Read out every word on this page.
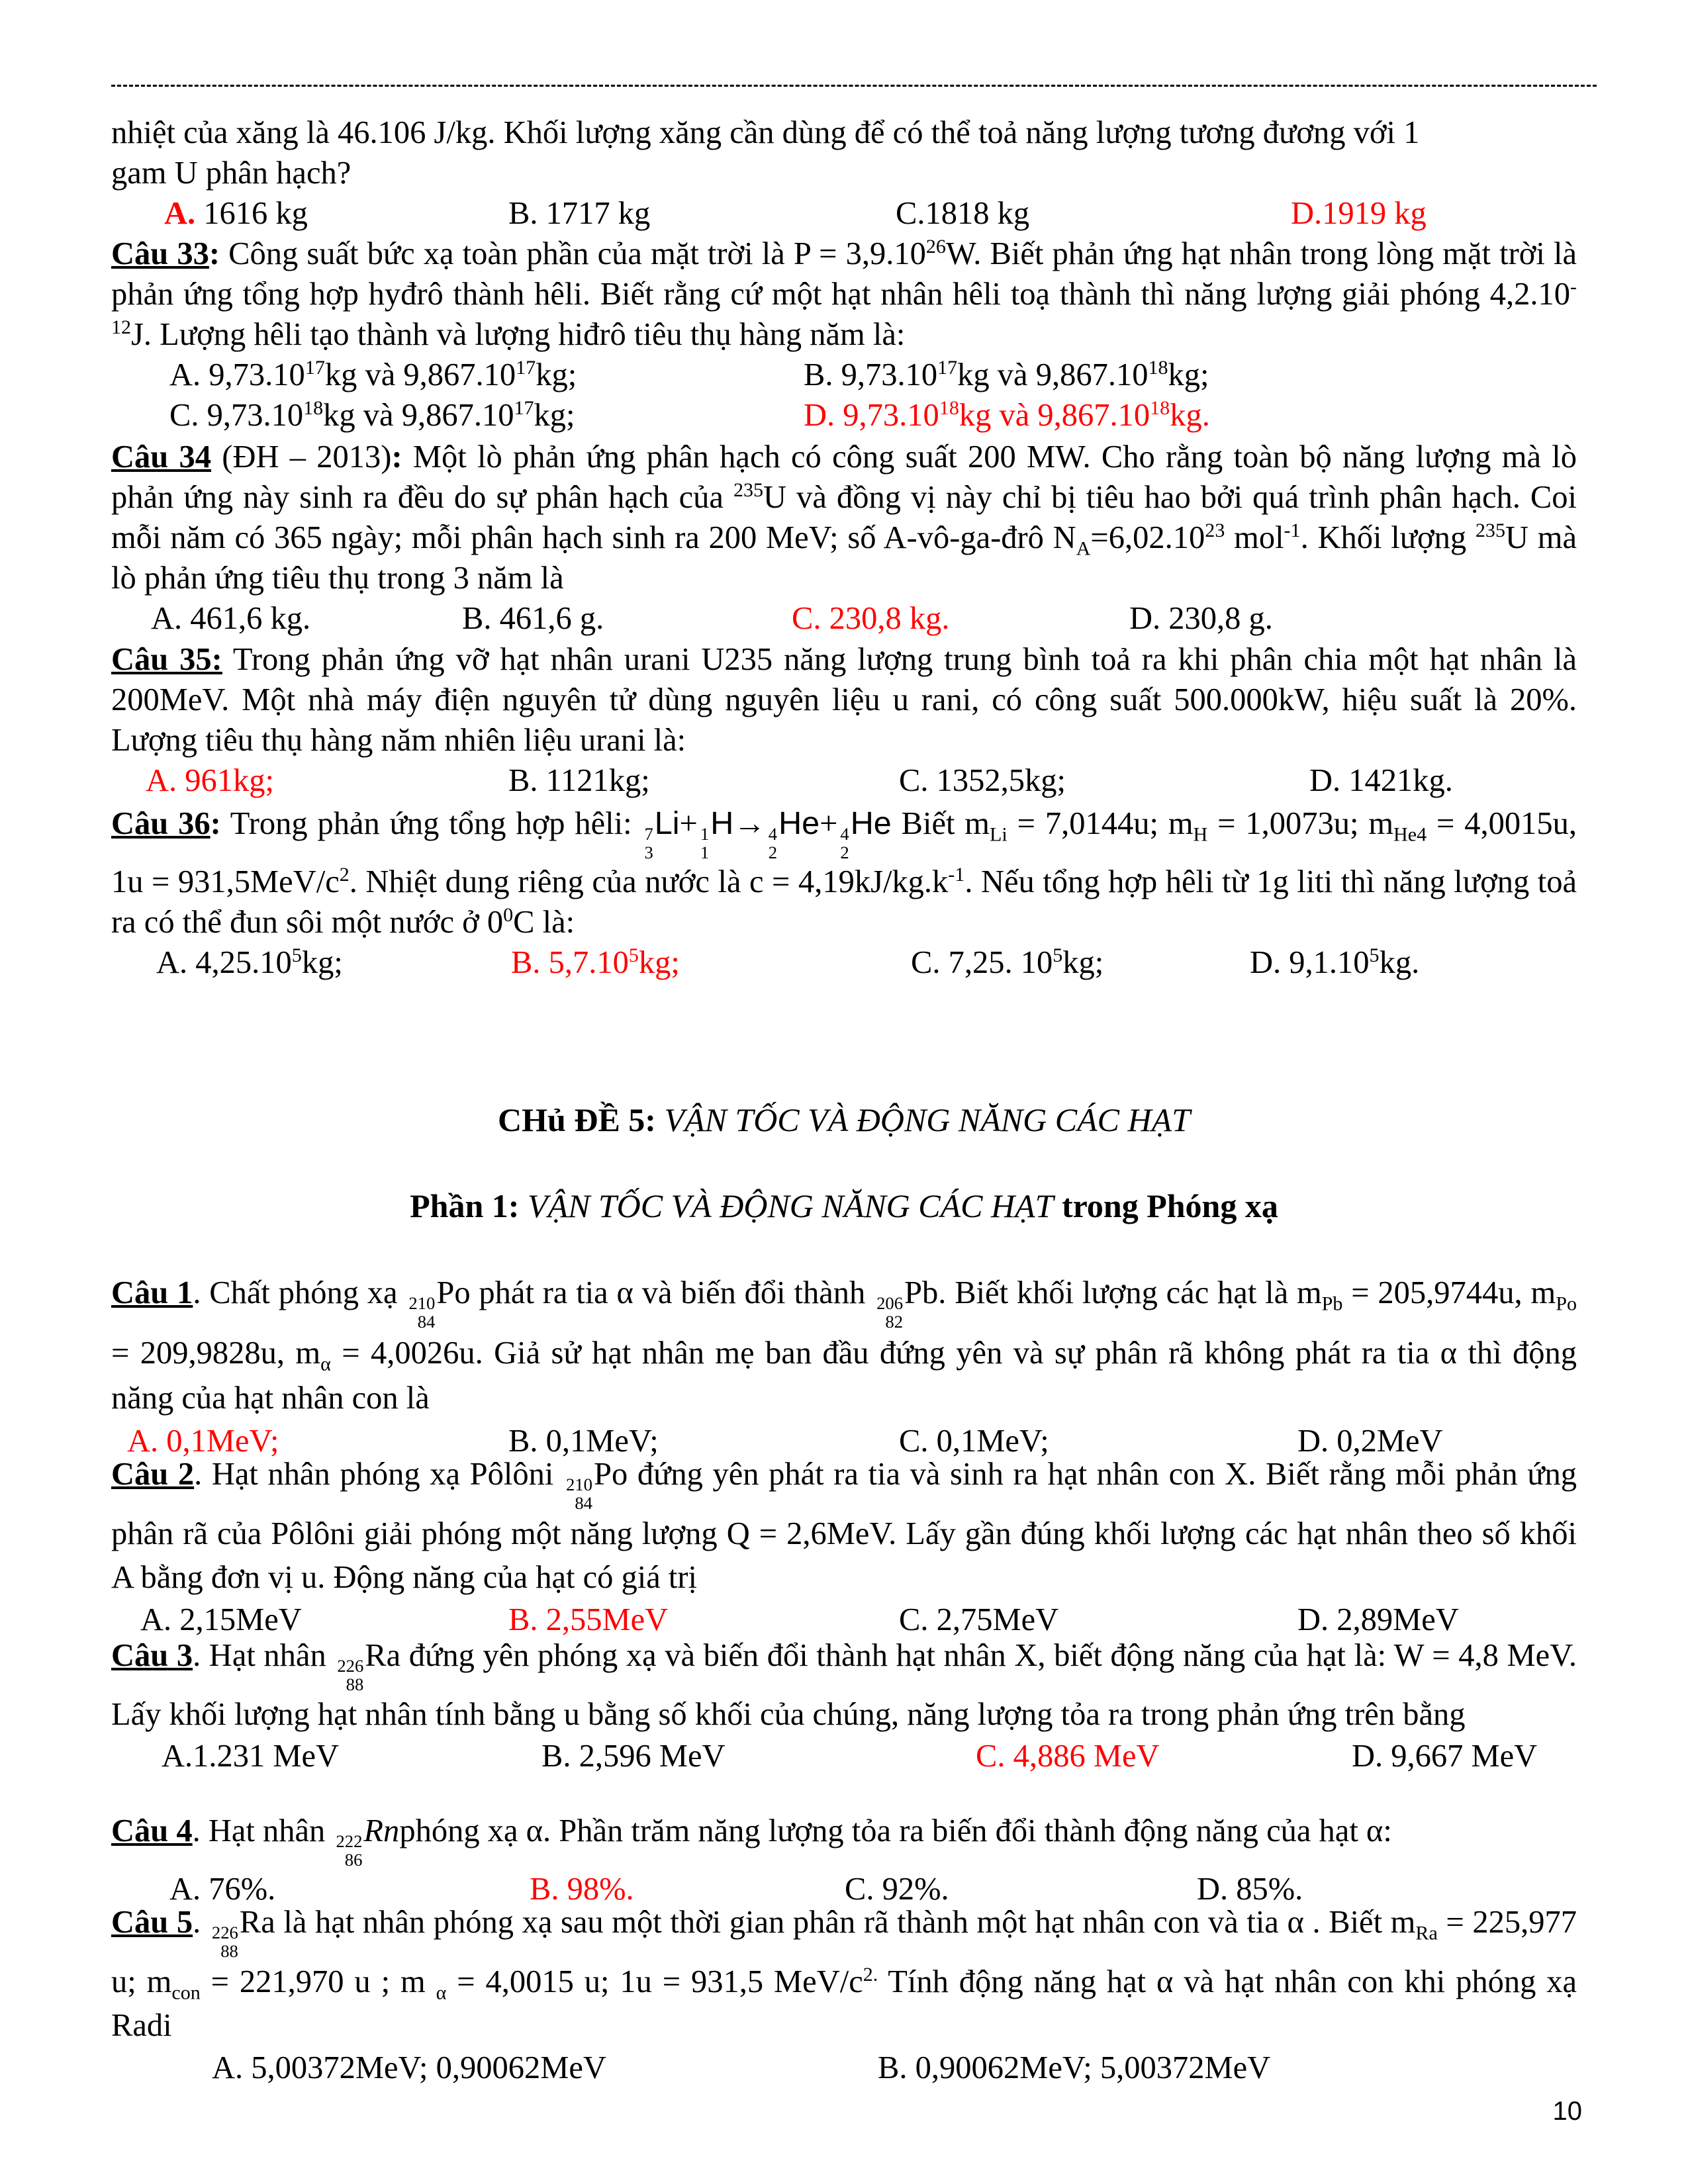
nhiệt của xăng là 46.106 J/kg. Khối lượng xăng cần dùng để có thể toả năng lượng tương đương với 1

gam U phân hạch?

A. 1616 kg	B. 1717 kg	C.1818 kg	D.1919 kg

Câu 33: Công suất bức xạ toàn phần của mặt trời là $P = 3,9.10^{26}W$. Biết phản ứng hạt nhân trong lòng mặt trời là phản ứng tổng hợp hyđrô thành hêli. Biết rằng cứ một hạt nhân hêli toạ thành thì năng lượng giải phóng $4,2.10^{-12}J$. Lượng hêli tạo thành và lượng hiđrô tiêu thụ hàng năm là:

A. 9,73.10$^{17}$kg và 9,867.10$^{17}$kg;	B. 9,73.10$^{17}$kg và 9,867.10$^{18}$kg;
C. 9,73.10$^{18}$kg và 9,867.10$^{17}$kg;	D. 9,73.10$^{18}$kg và 9,867.10$^{18}$kg.

Câu 34 (ĐH – 2013): Một lò phản ứng phân hạch có công suất 200 MW. Cho rằng toàn bộ năng lượng mà lò phản ứng này sinh ra đều do sự phân hạch của $^{235}$U và đồng vị này chỉ bị tiêu hao bởi quá trình phân hạch. Coi mỗi năm có 365 ngày; mỗi phân hạch sinh ra 200 MeV; số A-vô-ga-đrô $N_A=6,02.10^{23}$ mol$^{-1}$. Khối lượng $^{235}$U mà lò phản ứng tiêu thụ trong 3 năm là

A. 461,6 kg.	B. 461,6 g.	C. 230,8 kg.	D. 230,8 g.

Câu 35: Trong phản ứng vỡ hạt nhân urani U235 năng lượng trung bình toả ra khi phân chia một hạt nhân là 200MeV. Một nhà máy điện nguyên tử dùng nguyên liệu u rani, có công suất 500.000kW, hiệu suất là 20%. Lượng tiêu thụ hàng năm nhiên liệu urani là:

A. 961kg;	B. 1121kg;	C. 1352,5kg;	D. 1421kg.

Câu 36: Trong phản ứng tổng hợp hêli: 7
3
Li+ 1
1
H→ 4
2
He+ 4
2
He Biết $m_{Li} = 7,0144u$; $m_H = 1,0073u$; $m_{He4} = 4,0015u$, $1u = 931,5MeV/c^2$. Nhiệt dung riêng của nước là $c = 4,19kJ/kg.k^{-1}$. Nếu tổng hợp hêli từ 1g liti thì năng lượng toả ra có thể đun sôi một nước ở $0^0C$ là:

A. 4,25.10$^5$kg;	B. 5,7.10$^5$kg;	C. 7,25. $10^5kg$;	D. 9,1.10$^5$kg.
CHủ ĐỀ 5: VẬN TỐC VÀ ĐỘNG NĂNG CÁC HẠT
Phần 1: VẬN TỐC VÀ ĐỘNG NĂNG CÁC HẠT trong Phóng xạ

Câu 1. Chất phóng xạ 210
84
Po phát ra tia α và biến đổi thành 206
82
Pb. Biết khối lượng các hạt là $m_{Pb} = 205,9744u$, $m_{Po} = 209,9828u$, $m_\alpha = 4,0026u$. Giả sử hạt nhân mẹ ban đầu đứng yên và sự phân rã không phát ra tia α thì động năng của hạt nhân con là

A. 0,1MeV;	B. 0,1MeV;	C. 0,1MeV;	D. 0,2MeV

Câu 2. Hạt nhân phóng xạ Pôlôni 210
84
Po đứng yên phát ra tia và sinh ra hạt nhân con X. Biết rằng mỗi phản ứng phân rã của Pôlôni giải phóng một năng lượng Q = 2,6MeV. Lấy gần đúng khối lượng các hạt nhân theo số khối A bằng đơn vị u. Động năng của hạt có giá trị

A. 2,15MeV	B. 2,55MeV	C. 2,75MeV	D. 2,89MeV

Câu 3. Hạt nhân 226
88
Ra đứng yên phóng xạ và biến đổi thành hạt nhân X, biết động năng của hạt là: W = 4,8 MeV. Lấy khối lượng hạt nhân tính bằng u bằng số khối của chúng, năng lượng tỏa ra trong phản ứng trên bằng

A.1.231 MeV	B. 2,596 MeV	C. 4,886 MeV	D. 9,667 MeV

Câu 4. Hạt nhân 222
86
Rnphóng xạ α. Phần trăm năng lượng tỏa ra biến đổi thành động năng của hạt α:

A. 76%.	B. 98%.	C. 92%.	D. 85%.

Câu 5. 226
88
Ra là hạt nhân phóng xạ sau một thời gian phân rã thành một hạt nhân con và tia α . Biết $m_{Ra} = 225,977$ u; $m_{con} = 221,970$ u ; m $_\alpha$ = 4,0015 u; 1u = 931,5 MeV/$c^{2.}$ Tính động năng hạt α và hạt nhân con khi phóng xạ Radi

A. 5,00372MeV; 0,90062MeV	B. 0,90062MeV; 5,00372MeV
10
